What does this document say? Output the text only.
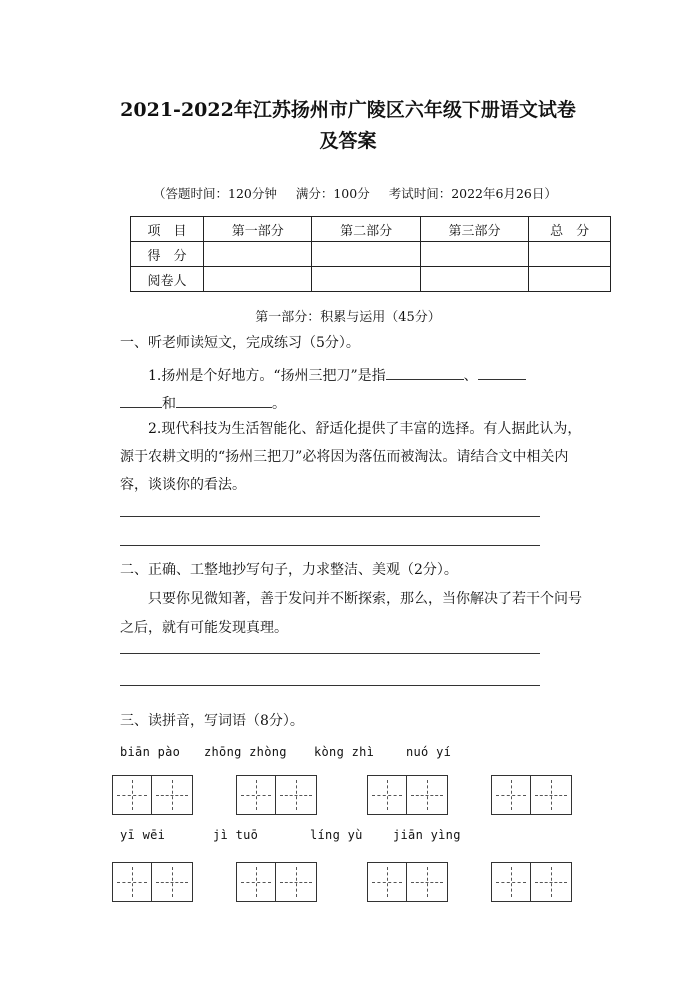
2021-2022年江苏扬州市广陵区六年级下册语文试卷
及答案
（答题时间：120分钟 满分：100分 考试时间：2022年6月26日）
项　目	第一部分	第二部分	第三部分	总　分
得　分				
阅卷人				
第一部分：积累与运用（45分）
一、听老师读短文，完成练习（5分）。
1.扬州是个好地方。“扬州三把刀”是指	、
和	。
2.现代科技为生活智能化、舒适化提供了丰富的选择。有人据此认为，
源于农耕文明的“扬州三把刀”必将因为落伍而被淘汰。请结合文中相关内
容，谈谈你的看法。
二、正确、工整地抄写句子，力求整洁、美观（2分）。
只要你见微知著，善于发问并不断探索，那么，当你解决了若干个问号
之后，就有可能发现真理。
三、读拼音，写词语（8分）。
biān pào zhōng zhòng kòng zhì	nuó yí
yī wēi	jì tuō	líng yù	jiān yìng
